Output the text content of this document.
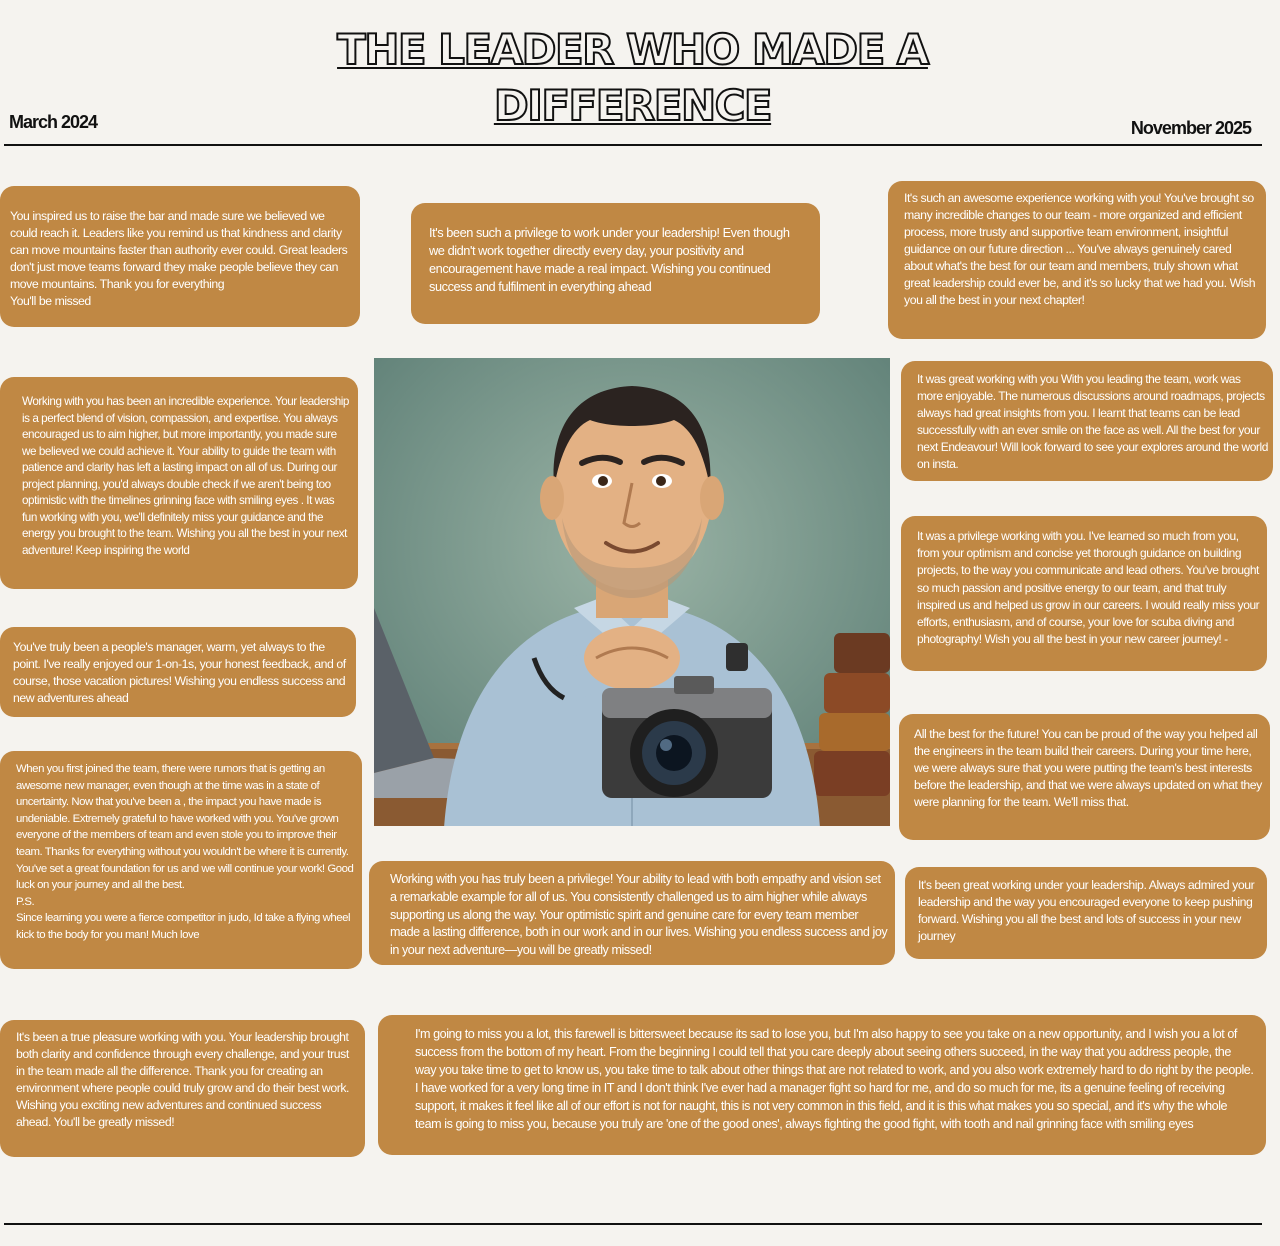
THE LEADER WHO MADE A DIFFERENCE
March 2024	November 2025

You inspired us to raise the bar and made sure we believed we could reach it. Leaders like you remind us that kindness and clarity can move mountains faster than authority ever could. Great leaders don't just move teams forward they make people believe they can move mountains. Thank you for everything
You'll be missed

It's been such a privilege to work under your leadership! Even though we didn't work together directly every day, your positivity and encouragement have made a real impact. Wishing you continued success and fulfilment in everything ahead

It's such an awesome experience working with you! You've brought so many incredible changes to our team - more organized and efficient process, more trusty and supportive team environment, insightful guidance on our future direction ... You've always genuinely cared about what's the best for our team and members, truly shown what great leadership could ever be, and it's so lucky that we had you. Wish you all the best in your next chapter!

Working with you has been an incredible experience. Your leadership is a perfect blend of vision, compassion, and expertise. You always encouraged us to aim higher, but more importantly, you made sure we believed we could achieve it. Your ability to guide the team with patience and clarity has left a lasting impact on all of us. During our project planning, you'd always double check if we aren't being too optimistic with the timelines grinning face with smiling eyes . It was fun working with you, we'll definitely miss your guidance and the energy you brought to the team. Wishing you all the best in your next adventure! Keep inspiring the world

It was great working with you With you leading the team, work was more enjoyable. The numerous discussions around roadmaps, projects always had great insights from you. I learnt that teams can be lead successfully with an ever smile on the face as well. All the best for your next Endeavour! Will look forward to see your explores around the world on insta.

It was a privilege working with you. I've learned so much from you, from your optimism and concise yet thorough guidance on building projects, to the way you communicate and lead others. You've brought so much passion and positive energy to our team, and that truly inspired us and helped us grow in our careers. I would really miss your efforts, enthusiasm, and of course, your love for scuba diving and photography! Wish you all the best in your new career journey! -

You've truly been a people's manager, warm, yet always to the point. I've really enjoyed our 1-on-1s, your honest feedback, and of course, those vacation pictures! Wishing you endless success and new adventures ahead

All the best for the future! You can be proud of the way you helped all the engineers in the team build their careers. During your time here, we were always sure that you were putting the team's best interests before the leadership, and that we were always updated on what they were planning for the team. We'll miss that.

When you first joined the team, there were rumors that is getting an awesome new manager, even though at the time was in a state of uncertainty. Now that you've been a , the impact you have made is undeniable. Extremely grateful to have worked with you. You've grown everyone of the members of team and even stole you to improve their team. Thanks for everything without you wouldn't be where it is currently. You've set a great foundation for us and we will continue your work! Good luck on your journey and all the best.
P.S.
Since learning you were a fierce competitor in judo, Id take a flying wheel kick to the body for you man! Much love

Working with you has truly been a privilege! Your ability to lead with both empathy and vision set a remarkable example for all of us. You consistently challenged us to aim higher while always supporting us along the way. Your optimistic spirit and genuine care for every team member made a lasting difference, both in our work and in our lives. Wishing you endless success and joy in your next adventure—you will be greatly missed!

It's been great working under your leadership. Always admired your leadership and the way you encouraged everyone to keep pushing forward. Wishing you all the best and lots of success in your new journey

It's been a true pleasure working with you. Your leadership brought both clarity and confidence through every challenge, and your trust in the team made all the difference. Thank you for creating an environment where people could truly grow and do their best work. Wishing you exciting new adventures and continued success ahead. You'll be greatly missed!

I'm going to miss you a lot, this farewell is bittersweet because its sad to lose you, but I'm also happy to see you take on a new opportunity, and I wish you a lot of success from the bottom of my heart. From the beginning I could tell that you care deeply about seeing others succeed, in the way that you address people, the way you take time to get to know us, you take time to talk about other things that are not related to work, and you also work extremely hard to do right by the people. I have worked for a very long time in IT and I don't think I've ever had a manager fight so hard for me, and do so much for me, its a genuine feeling of receiving support, it makes it feel like all of our effort is not for naught, this is not very common in this field, and it is this what makes you so special, and it's why the whole team is going to miss you, because you truly are 'one of the good ones', always fighting the good fight, with tooth and nail grinning face with smiling eyes
